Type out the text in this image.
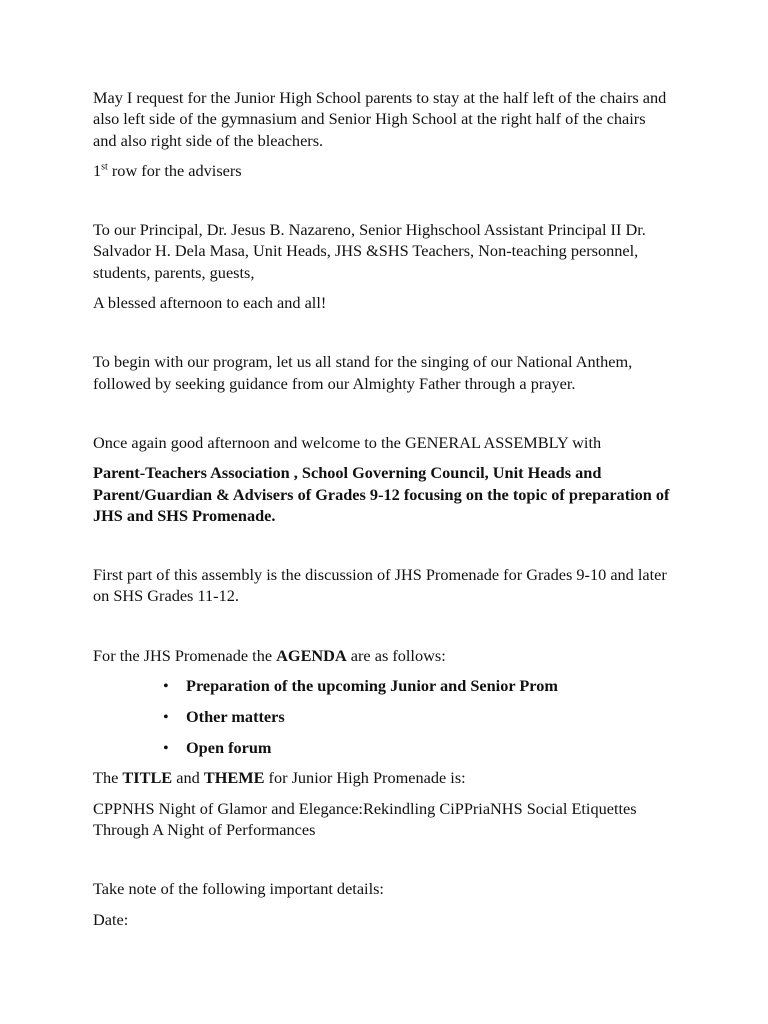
May I request for the Junior High School parents to stay at the half left of the chairs and also left side of the gymnasium and Senior High School at the right half of the chairs and also right side of the bleachers.

1st row for the advisers

To our Principal, Dr. Jesus B. Nazareno, Senior Highschool Assistant Principal II Dr. Salvador H. Dela Masa, Unit Heads, JHS &SHS Teachers, Non-teaching personnel, students, parents, guests,

A blessed afternoon to each and all!

To begin with our program, let us all stand for the singing of our National Anthem, followed by seeking guidance from our Almighty Father through a prayer.

Once again good afternoon and welcome to the GENERAL ASSEMBLY with

Parent-Teachers Association , School Governing Council, Unit Heads and Parent/Guardian & Advisers of Grades 9-12 focusing on the topic of preparation of JHS and SHS Promenade.

First part of this assembly is the discussion of JHS Promenade for Grades 9-10 and later on SHS Grades 11-12.

For the JHS Promenade the AGENDA are as follows:

• Preparation of the upcoming Junior and Senior Prom
• Other matters
• Open forum

The TITLE and THEME for Junior High Promenade is:

CPPNHS Night of Glamor and Elegance:Rekindling CiPPriaNHS Social Etiquettes Through A Night of Performances

Take note of the following important details:

Date:
